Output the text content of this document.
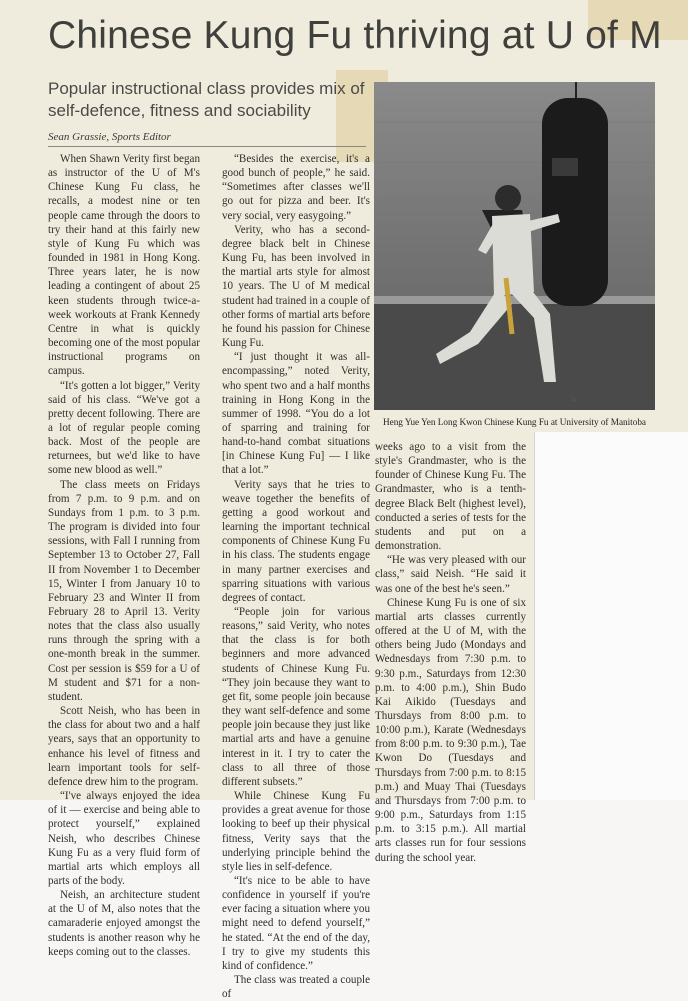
Chinese Kung Fu thriving at U of M
Popular instructional class provides mix of self-defence, fitness and sociability
Sean Grassie, Sports Editor

When Shawn Verity first began as instructor of the U of M's Chinese Kung Fu class, he recalls, a modest nine or ten people came through the doors to try their hand at this fairly new style of Kung Fu which was founded in 1981 in Hong Kong. Three years later, he is now leading a contingent of about 25 keen students through twice-a-week workouts at Frank Kennedy Centre in what is quickly becoming one of the most popular instructional programs on campus.

“It's gotten a lot bigger,” Verity said of his class. “We've got a pretty decent following. There are a lot of regular people coming back. Most of the people are returnees, but we'd like to have some new blood as well.”

The class meets on Fridays from 7 p.m. to 9 p.m. and on Sundays from 1 p.m. to 3 p.m. The program is divided into four sessions, with Fall I running from September 13 to October 27, Fall II from November 1 to December 15, Winter I from January 10 to February 23 and Winter II from February 28 to April 13. Verity notes that the class also usually runs through the spring with a one-month break in the summer. Cost per session is $59 for a U of M student and $71 for a non-student.

Scott Neish, who has been in the class for about two and a half years, says that an opportunity to enhance his level of fitness and learn important tools for self-defence drew him to the program.

“I've always enjoyed the idea of it — exercise and being able to protect yourself,” explained Neish, who describes Chinese Kung Fu as a very fluid form of martial arts which employs all parts of the body.

Neish, an architecture student at the U of M, also notes that the camaraderie enjoyed amongst the students is another reason why he keeps coming out to the classes.

“Besides the exercise, it's a good bunch of people,” he said. “Sometimes after classes we'll go out for pizza and beer. It's very social, very easygoing.”

Verity, who has a second-degree black belt in Chinese Kung Fu, has been involved in the martial arts style for almost 10 years. The U of M medical student had trained in a couple of other forms of martial arts before he found his passion for Chinese Kung Fu.

“I just thought it was all-encompassing,” noted Verity, who spent two and a half months training in Hong Kong in the summer of 1998. “You do a lot of sparring and training for hand-to-hand combat situations [in Chinese Kung Fu] — I like that a lot.”

Verity says that he tries to weave together the benefits of getting a good workout and learning the important technical components of Chinese Kung Fu in his class. The students engage in many partner exercises and sparring situations with various degrees of contact.

“People join for various reasons,” said Verity, who notes that the class is for both beginners and more advanced students of Chinese Kung Fu. “They join because they want to get fit, some people join because they want self-defence and some people join because they just like martial arts and have a genuine interest in it. I try to cater the class to all three of those different subsets.”

While Chinese Kung Fu provides a great avenue for those looking to beef up their physical fitness, Verity says that the underlying principle behind the style lies in self-defence.

“It's nice to be able to have confidence in yourself if you're ever facing a situation where you might need to defend yourself,” he stated. “At the end of the day, I try to give my students this kind of confidence.”

The class was treated a couple of

↳
Heng Yue Yen Long Kwon Chinese Kung Fu at University of Manitoba

weeks ago to a visit from the style's Grandmaster, who is the founder of Chinese Kung Fu. The Grandmaster, who is a tenth-degree Black Belt (highest level), conducted a series of tests for the students and put on a demonstration.

“He was very pleased with our class,” said Neish. “He said it was one of the best he's seen.”

Chinese Kung Fu is one of six martial arts classes currently offered at the U of M, with the others being Judo (Mondays and Wednesdays from 7:30 p.m. to 9:30 p.m., Saturdays from 12:30 p.m. to 4:00 p.m.), Shin Budo Kai Aikido (Tuesdays and Thursdays from 8:00 p.m. to 10:00 p.m.), Karate (Wednesdays from 8:00 p.m. to 9:30 p.m.), Tae Kwon Do (Tuesdays and Thursdays from 7:00 p.m. to 8:15 p.m.) and Muay Thai (Tuesdays and Thursdays from 7:00 p.m. to 9:00 p.m., Saturdays from 1:15 p.m. to 3:15 p.m.). All martial arts classes run for four sessions during the school year.
